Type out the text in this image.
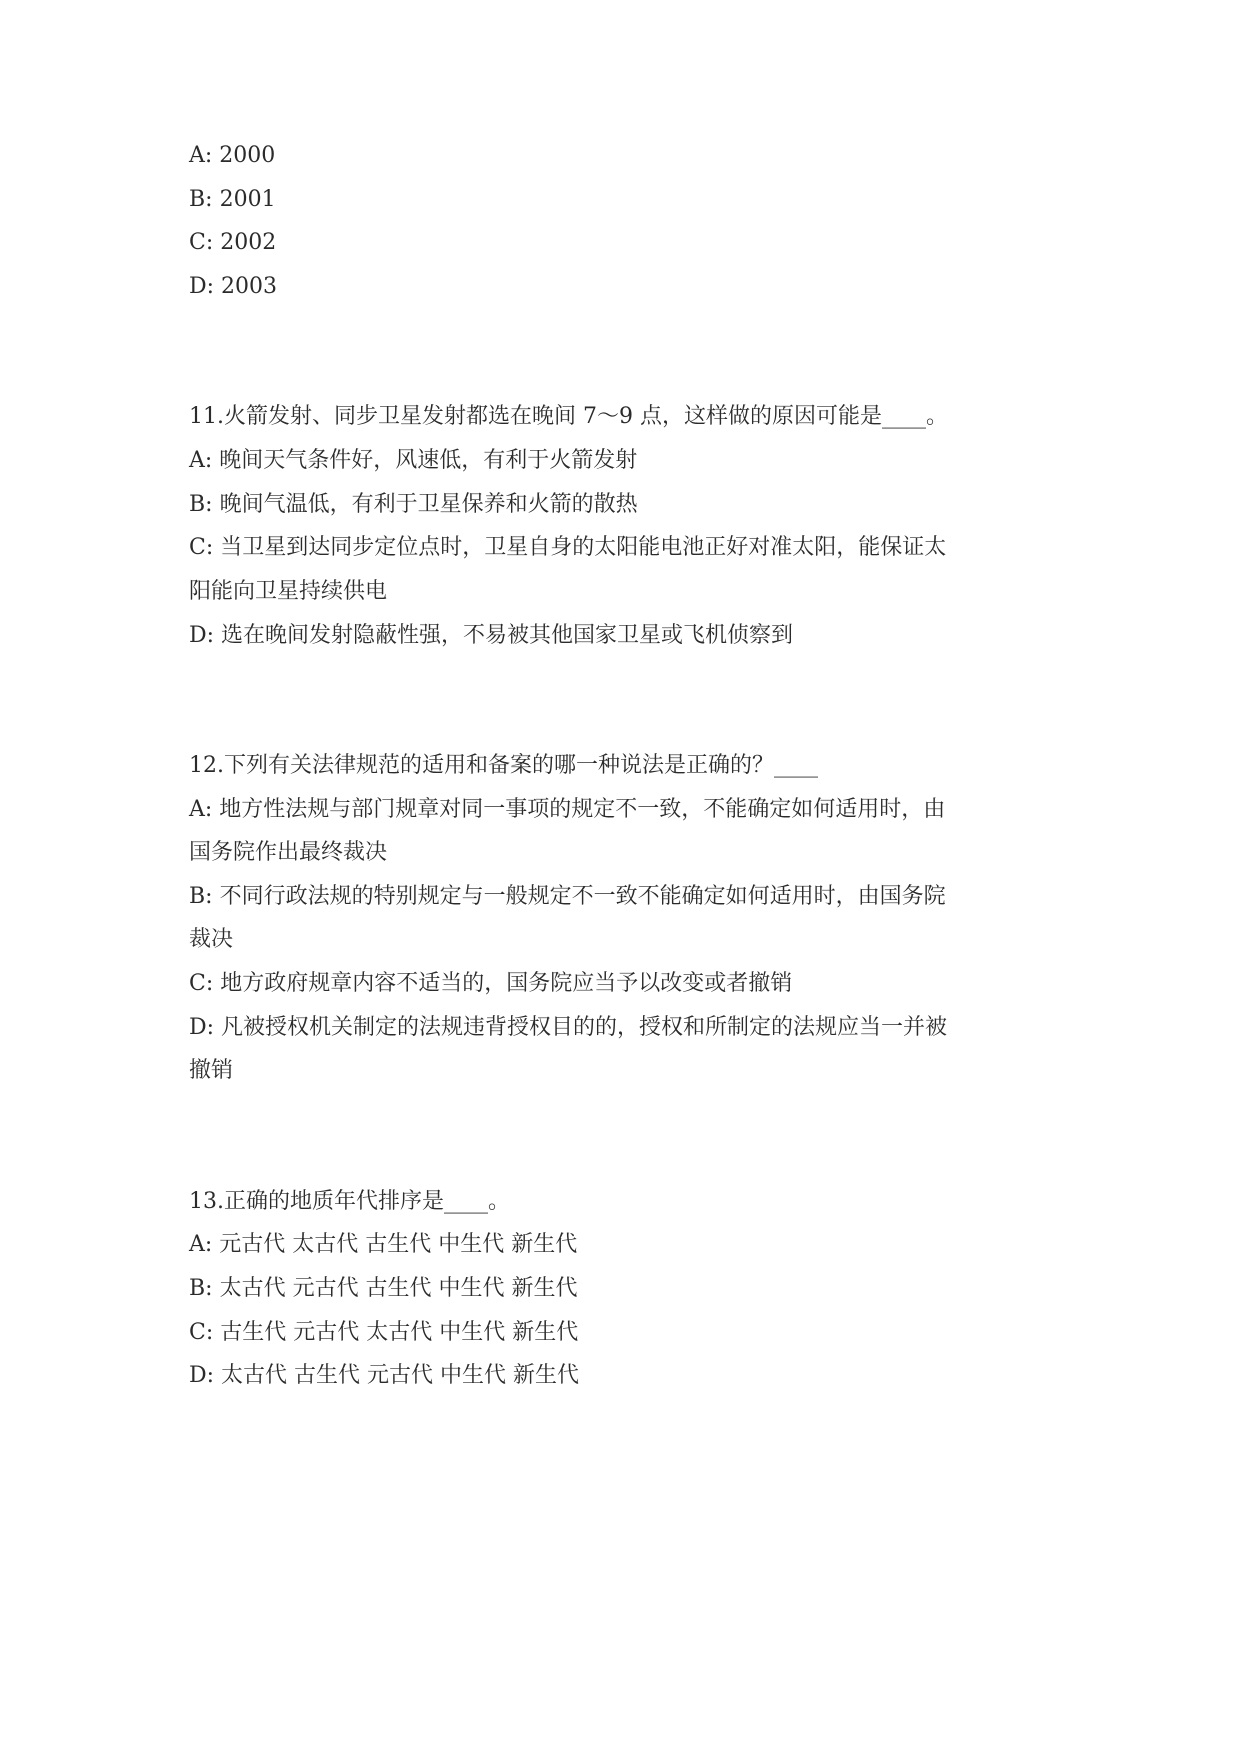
A: 2000

B: 2001

C: 2002

D: 2003

11.火箭发射、同步卫星发射都选在晚间 7～9 点，这样做的原因可能是____。

A: 晚间天气条件好，风速低，有利于火箭发射

B: 晚间气温低，有利于卫星保养和火箭的散热

C: 当卫星到达同步定位点时，卫星自身的太阳能电池正好对准太阳，能保证太

阳能向卫星持续供电

D: 选在晚间发射隐蔽性强，不易被其他国家卫星或飞机侦察到

12.下列有关法律规范的适用和备案的哪一种说法是正确的？____

A: 地方性法规与部门规章对同一事项的规定不一致，不能确定如何适用时，由

国务院作出最终裁决

B: 不同行政法规的特别规定与一般规定不一致不能确定如何适用时，由国务院

裁决

C: 地方政府规章内容不适当的，国务院应当予以改变或者撤销

D: 凡被授权机关制定的法规违背授权目的的，授权和所制定的法规应当一并被

撤销

13.正确的地质年代排序是____。

A: 元古代 太古代 古生代 中生代 新生代

B: 太古代 元古代 古生代 中生代 新生代

C: 古生代 元古代 太古代 中生代 新生代

D: 太古代 古生代 元古代 中生代 新生代
